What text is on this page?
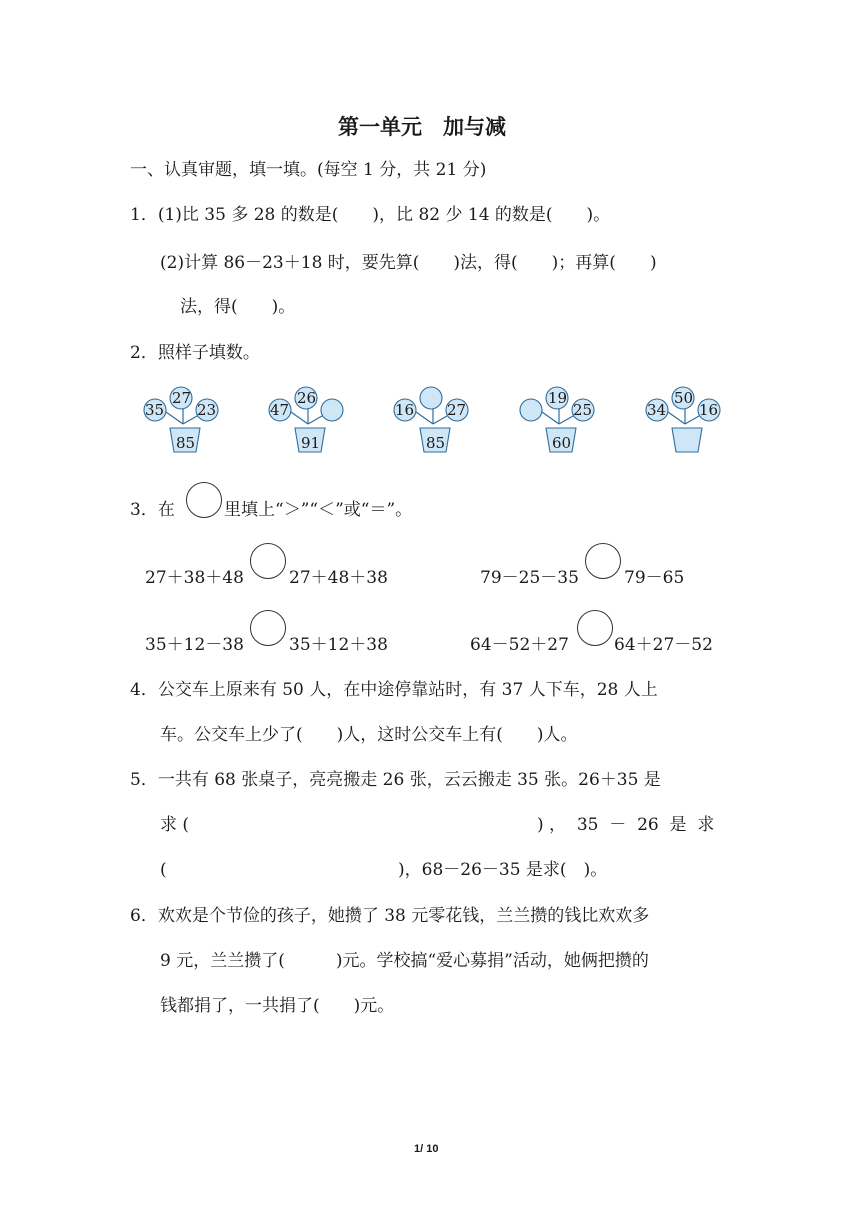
第一单元　加与减
一、认真审题，填一填。(每空 1 分，共 21 分)
1．(1)比 35 多 28 的数是(　　)，比 82 少 14 的数是(　　)。
(2)计算 86－23＋18 时，要先算(　　)法，得(　　)；再算(　　)
法，得(　　)。
2．照样子填数。
35
27
23
85
47
26
91
16 27
85
19
25
60
34
50
16
3．在	里填上“＞”“＜”或“＝”。
27＋38＋48	27＋48＋38	79－25－35	79－65
35＋12－38	35＋12＋38	64－52＋27	64＋27－52
4．公交车上原来有 50 人，在中途停靠站时，有 37 人下车，28 人上
车。公交车上少了(　　)人，这时公交车上有(　　)人。
5．一共有 68 张桌子，亮亮搬走 26 张，云云搬走 35 张。26＋35 是
求 (	) ，  35  －  26  是  求
(	)，68－26－35 是求(　)。
6．欢欢是个节俭的孩子，她攒了 38 元零花钱，兰兰攒的钱比欢欢多
9 元，兰兰攒了(　　　)元。学校搞“爱心募捐”活动，她俩把攒的
钱都捐了，一共捐了(　　)元。
1/ 10
